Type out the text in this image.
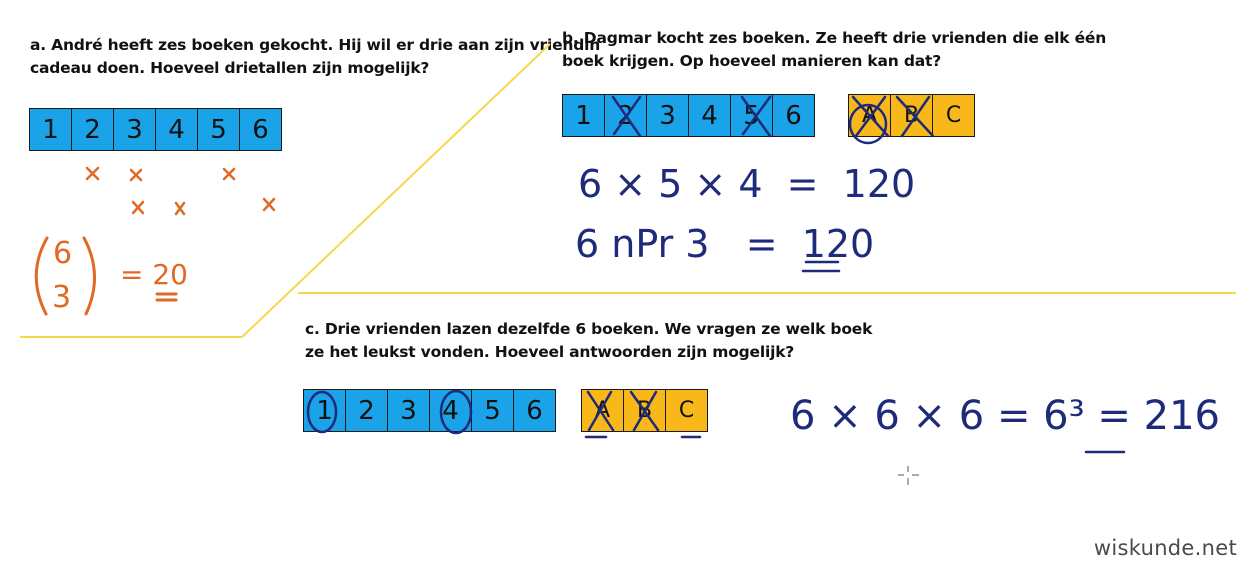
a. André heeft zes boeken gekocht. Hij wil er drie aan zijn vriendin
cadeau doen. Hoeveel drietallen zijn mogelijk?
b. Dagmar kocht zes boeken. Ze heeft drie vrienden die elk één
boek krijgen. Op hoeveel manieren kan dat?
c. Drie vrienden lazen dezelfde 6 boeken. We vragen ze welk boek
ze het leukst vonden. Hoeveel antwoorden zijn mogelijk?
1 2 3 4 5 6	1 2 3 4 5 6	A	B	C
1 2 3 4 5 6	A	B	C
6
3
= 20
6 × 5 × 4  =  120
6 nPr 3   =  120
6 × 6 × 6 = 6³ = 216
wiskunde.net
